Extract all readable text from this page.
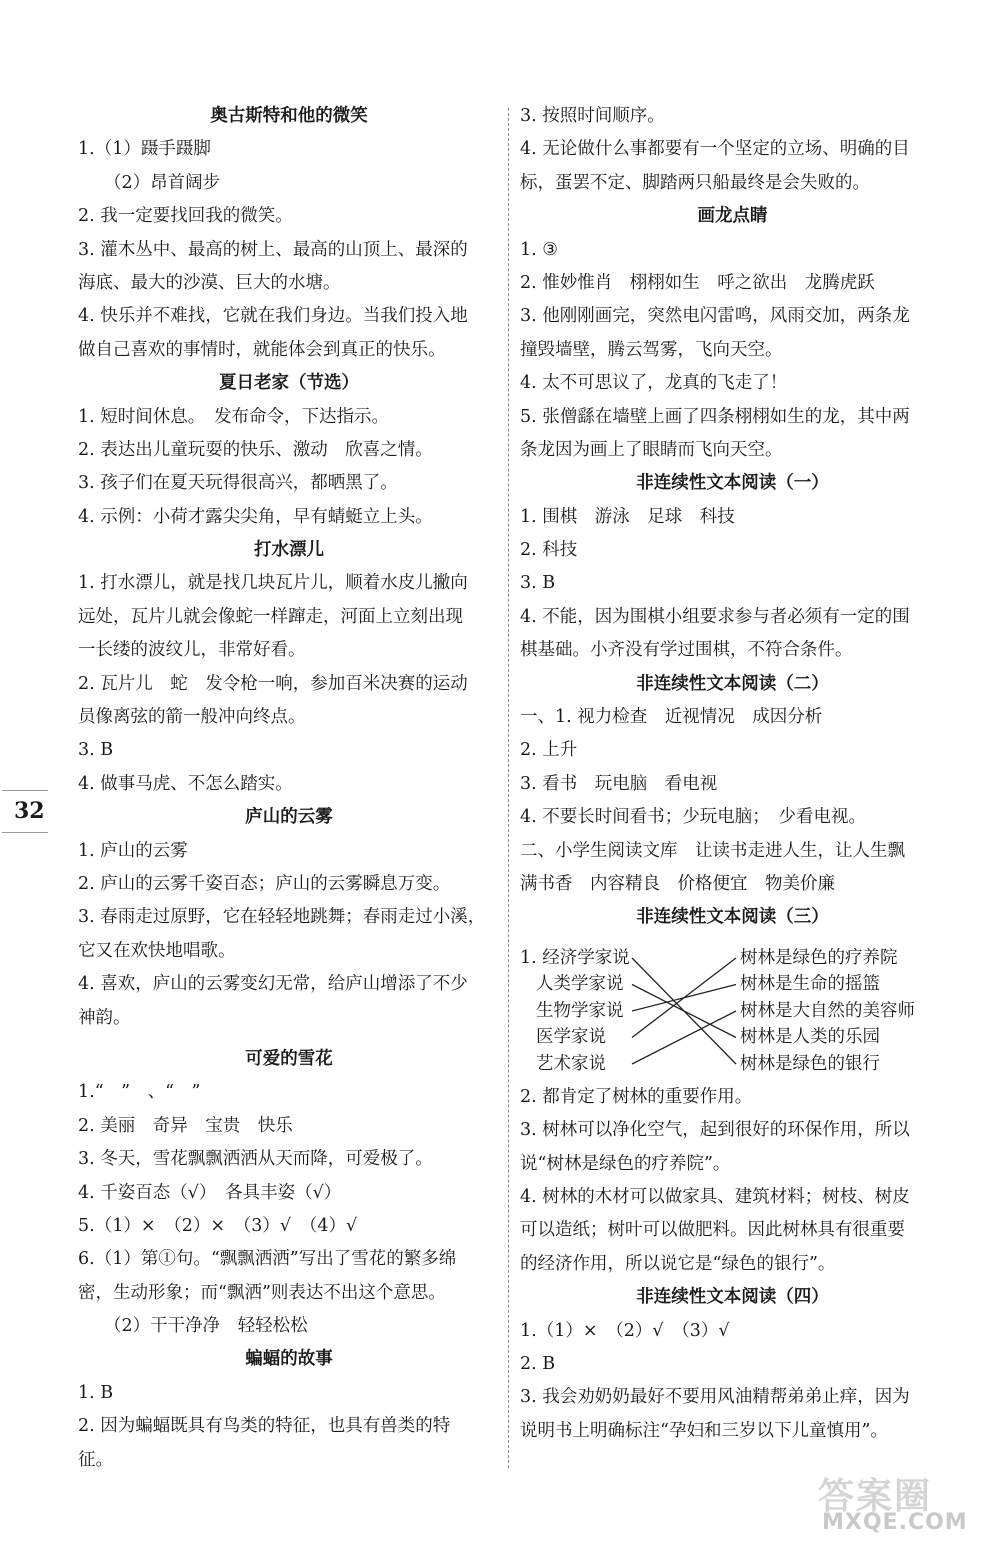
奥古斯特和他的微笑
1.（1）蹑手蹑脚
（2）昂首阔步
2. 我一定要找回我的微笑。
3. 灌木丛中、最高的树上、最高的山顶上、最深的
海底、最大的沙漠、巨大的水塘。
4. 快乐并不难找，它就在我们身边。当我们投入地
做自己喜欢的事情时，就能体会到真正的快乐。
夏日老家（节选）
1. 短时间休息。　发布命令，下达指示。
2. 表达出儿童玩耍的快乐、激动　欣喜之情。
3. 孩子们在夏天玩得很高兴，都晒黑了。
4. 示例：小荷才露尖尖角，早有蜻蜓立上头。
打水漂儿
1. 打水漂儿，就是找几块瓦片儿，顺着水皮儿撇向
远处，瓦片儿就会像蛇一样蹿走，河面上立刻出现
一长缕的波纹儿，非常好看。
2. 瓦片儿　蛇　发令枪一响，参加百米决赛的运动
员像离弦的箭一般冲向终点。
3. B
4. 做事马虎、不怎么踏实。
庐山的云雾
1. 庐山的云雾
2. 庐山的云雾千姿百态；庐山的云雾瞬息万变。
3. 春雨走过原野，它在轻轻地跳舞；春雨走过小溪，
它又在欢快地唱歌。
4. 喜欢，庐山的云雾变幻无常，给庐山增添了不少
神韵。
可爱的雪花
1.“　”　、“　”
2. 美丽　奇异　宝贵　快乐
3. 冬天，雪花飘飘洒洒从天而降，可爱极了。
4. 千姿百态（√）　各具丰姿（√）
5.（1）×　（2）×　（3）√　（4）√
6.（1）第①句。“飘飘洒洒”写出了雪花的繁多绵
密，生动形象；而“飘洒”则表达不出这个意思。
（2）干干净净　轻轻松松
蝙蝠的故事
1. B
2. 因为蝙蝠既具有鸟类的特征，也具有兽类的特
征。
3. 按照时间顺序。
4. 无论做什么事都要有一个坚定的立场、明确的目
标，蛋罢不定、脚踏两只船最终是会失败的。
画龙点睛
1. ③
2. 惟妙惟肖　栩栩如生　呼之欲出　龙腾虎跃
3. 他刚刚画完，突然电闪雷鸣，风雨交加，两条龙
撞毁墙壁，腾云驾雾，飞向天空。
4. 太不可思议了，龙真的飞走了！
5. 张僧繇在墙壁上画了四条栩栩如生的龙，其中两
条龙因为画上了眼睛而飞向天空。
非连续性文本阅读（一）
1. 围棋　游泳　足球　科技
2. 科技
3. B
4. 不能，因为围棋小组要求参与者必须有一定的围
棋基础。小齐没有学过围棋，不符合条件。
非连续性文本阅读（二）
一、1. 视力检查　近视情况　成因分析
2. 上升
3. 看书　玩电脑　看电视
4. 不要长时间看书；少玩电脑；　少看电视。
二、小学生阅读文库　让读书走进人生，让人生飘
满书香　内容精良　价格便宜　物美价廉
非连续性文本阅读（三）
1. 经济学家说
人类学家说
生物学家说
医学家说
艺术家说
树林是绿色的疗养院
树林是生命的摇篮
树林是大自然的美容师
树林是人类的乐园
树林是绿色的银行
2. 都肯定了树林的重要作用。
3. 树林可以净化空气，起到很好的环保作用，所以
说“树林是绿色的疗养院”。
4. 树林的木材可以做家具、建筑材料；树枝、树皮
可以造纸；树叶可以做肥料。因此树林具有很重要
的经济作用，所以说它是“绿色的银行”。
非连续性文本阅读（四）
1.（1）×　（2）√　（3）√
2. B
3. 我会劝奶奶最好不要用风油精帮弟弟止痒，因为
说明书上明确标注“孕妇和三岁以下儿童慎用”。
32
答案圈
MXQE.COM
